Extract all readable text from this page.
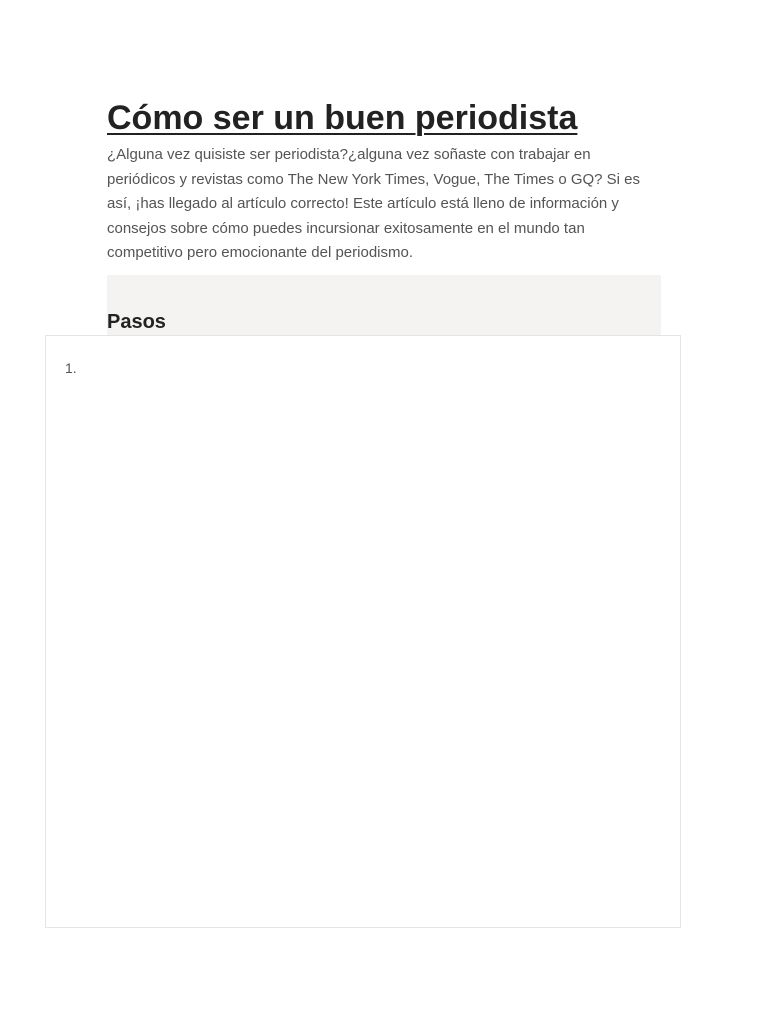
Cómo ser un buen periodista

¿Alguna vez quisiste ser periodista?¿alguna vez soñaste con trabajar en periódicos y revistas como The New York Times, Vogue, The Times o GQ? Si es así, ¡has llegado al artículo correcto! Este artículo está lleno de información y consejos sobre cómo puedes incursionar exitosamente en el mundo tan competitivo pero emocionante del periodismo.

Pasos
1.
